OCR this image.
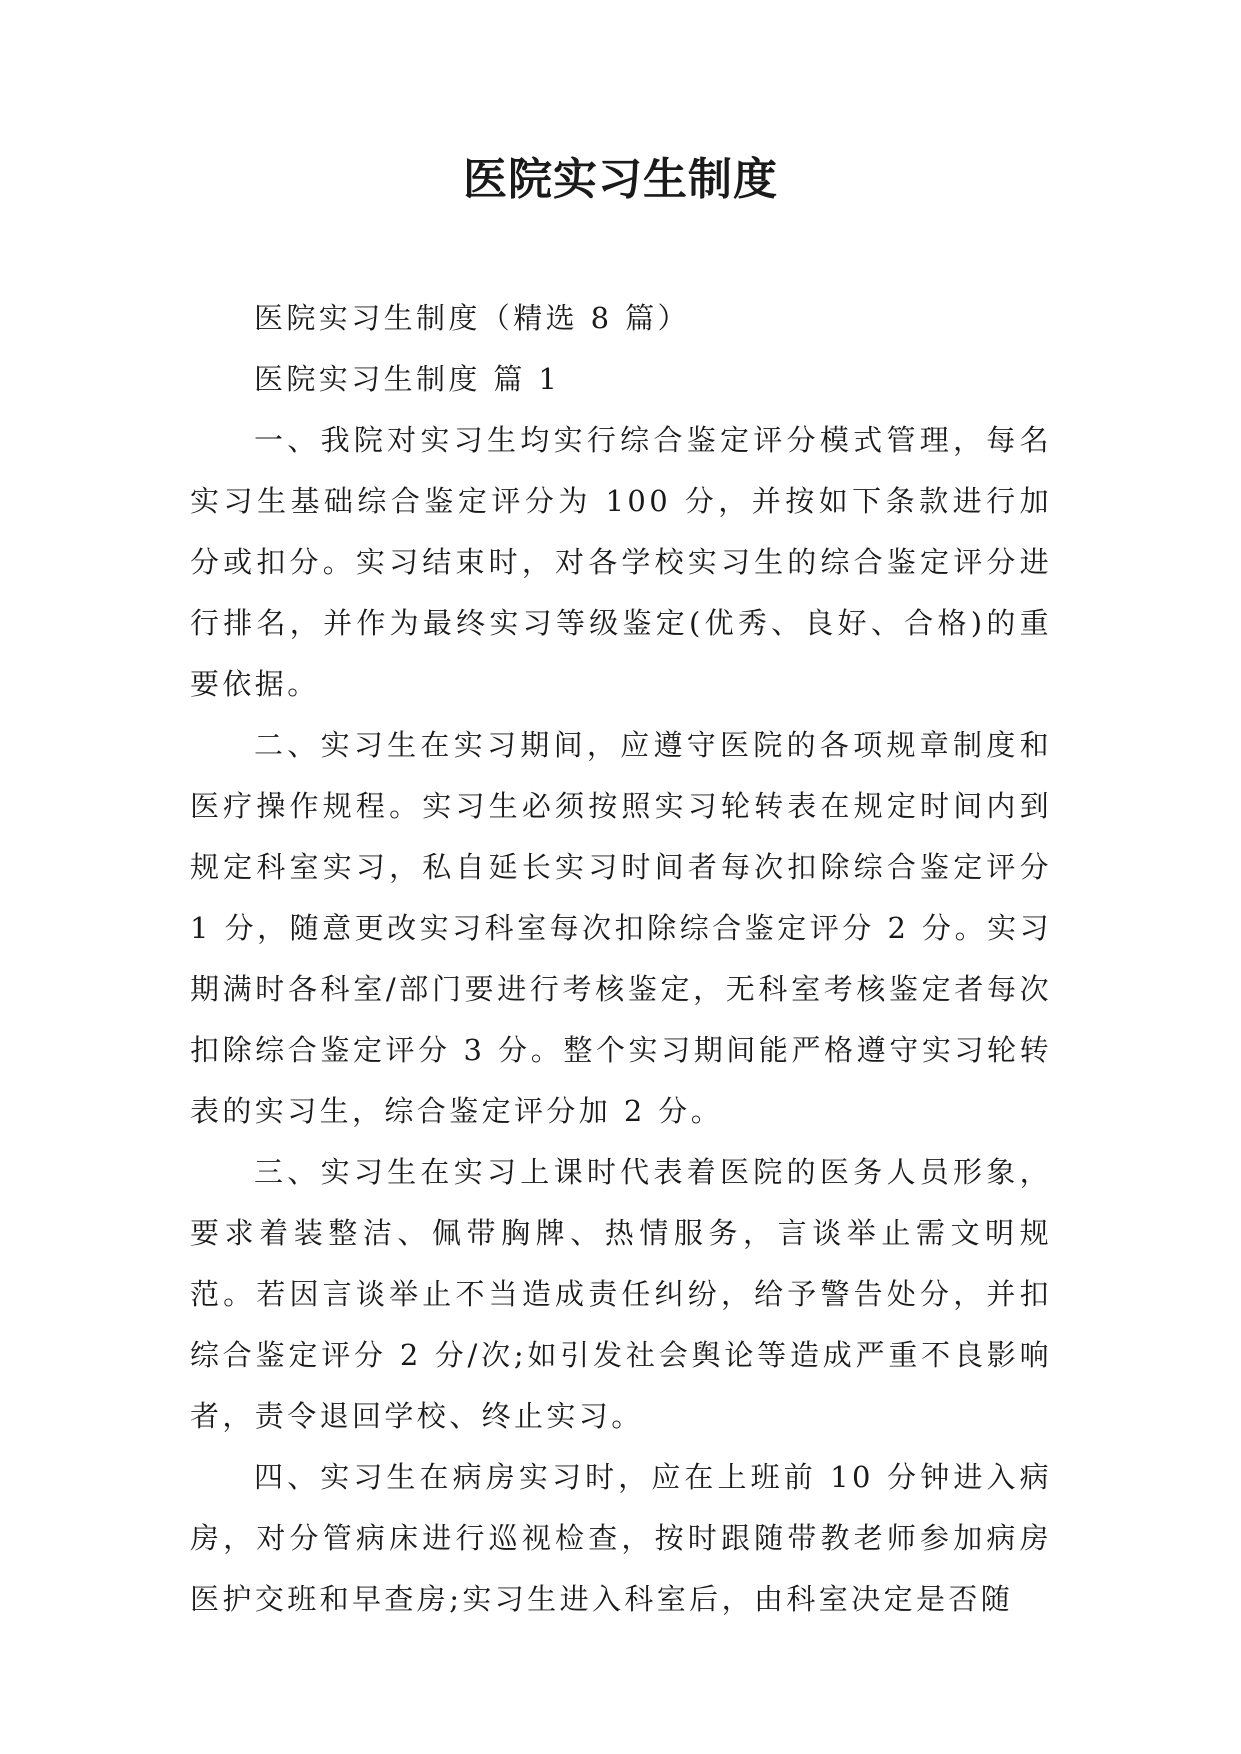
医院实习生制度

医院实习生制度（精选 8 篇）

医院实习生制度 篇 1

一、我院对实习生均实行综合鉴定评分模式管理，每名实习生基础综合鉴定评分为 100 分，并按如下条款进行加分或扣分。实习结束时，对各学校实习生的综合鉴定评分进行排名，并作为最终实习等级鉴定(优秀、良好、合格)的重要依据。

二、实习生在实习期间，应遵守医院的各项规章制度和医疗操作规程。实习生必须按照实习轮转表在规定时间内到规定科室实习，私自延长实习时间者每次扣除综合鉴定评分 1 分，随意更改实习科室每次扣除综合鉴定评分 2 分。实习期满时各科室/部门要进行考核鉴定，无科室考核鉴定者每次扣除综合鉴定评分 3 分。整个实习期间能严格遵守实习轮转表的实习生，综合鉴定评分加 2 分。

三、实习生在实习上课时代表着医院的医务人员形象，要求着装整洁、佩带胸牌、热情服务，言谈举止需文明规范。若因言谈举止不当造成责任纠纷，给予警告处分，并扣综合鉴定评分 2 分/次;如引发社会舆论等造成严重不良影响者，责令退回学校、终止实习。

四、实习生在病房实习时，应在上班前 10 分钟进入病房，对分管病床进行巡视检查，按时跟随带教老师参加病房医护交班和早查房;实习生进入科室后，由科室决定是否随
